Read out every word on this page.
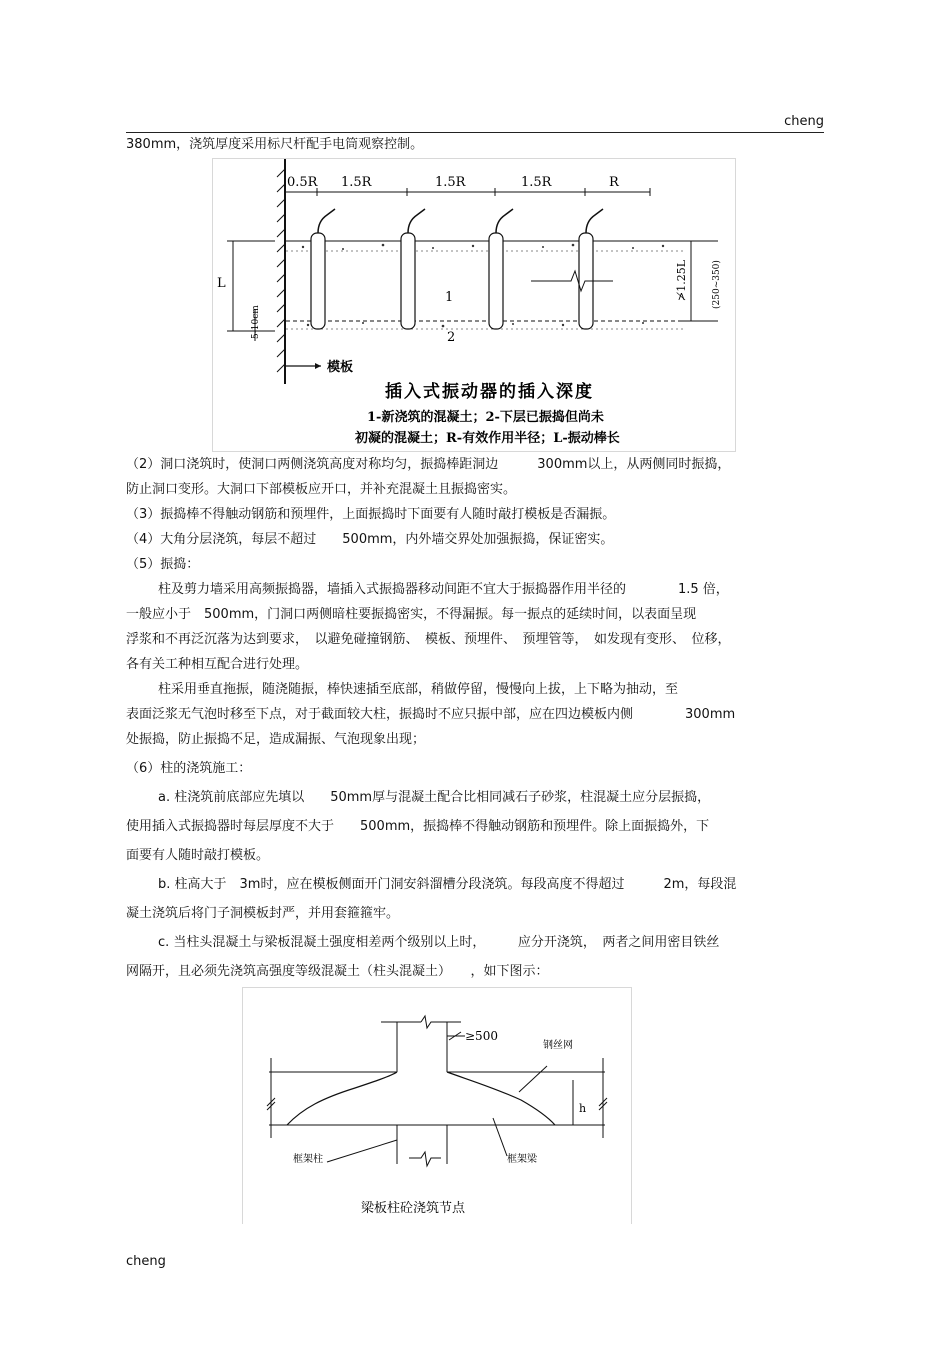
cheng
380mm，浇筑厚度采用标尺杆配手电筒观察控制。
0.5R 1.5R	1.5R	1.5R	R
L
5-10cm
≯1.25L	(250~350)
1
2
模板
插入式振动器的插入深度
1-新浇筑的混凝土；2-下层已振捣但尚未
初凝的混凝土；R-有效作用半径；L-振动棒长
（2）洞口浇筑时，使洞口两侧浇筑高度对称均匀，振捣棒距洞边　　　300mm以上，从两侧同时振捣，
防止洞口变形。大洞口下部模板应开口，并补充混凝土且振捣密实。
（3）振捣棒不得触动钢筋和预埋件，上面振捣时下面要有人随时敲打模板是否漏振。
（4）大角分层浇筑，每层不超过　　500mm，内外墙交界处加强振捣，保证密实。
（5）振捣：
柱及剪力墙采用高频振捣器，墙插入式振捣器移动间距不宜大于振捣器作用半径的　　　　1.5 倍，
一般应小于　500mm，门洞口两侧暗柱要振捣密实，不得漏振。每一振点的延续时间，以表面呈现
浮浆和不再泛沉落为达到要求，　以避免碰撞钢筋、　模板、预埋件、　预埋管等，　如发现有变形、　位移，
各有关工种相互配合进行处理。
柱采用垂直拖振，随浇随振，棒快速插至底部，稍做停留，慢慢向上拔，上下略为抽动，至
表面泛浆无气泡时移至下点，对于截面较大柱，振捣时不应只振中部，应在四边模板内侧　　　　300mm
处振捣，防止振捣不足，造成漏振、气泡现象出现；
（6）柱的浇筑施工：
a. 柱浇筑前底部应先填以　　50mm厚与混凝土配合比相同减石子砂浆，柱混凝土应分层振捣，
使用插入式振捣器时每层厚度不大于　　500mm，振捣棒不得触动钢筋和预埋件。除上面振捣外，下
面要有人随时敲打模板。
b. 柱高大于　3m时，应在模板侧面开门洞安斜溜槽分段浇筑。每段高度不得超过　　　2m，每段混
凝土浇筑后将门子洞模板封严，并用套箍箍牢。
c. 当柱头混凝土与梁板混凝土强度相差两个级别以上时，　　　应分开浇筑，　两者之间用密目铁丝
网隔开，且必须先浇筑高强度等级混凝土（柱头混凝土）　　，如下图示：
≥500
钢丝网
h
框架柱	框架梁
梁板柱砼浇筑节点
cheng
